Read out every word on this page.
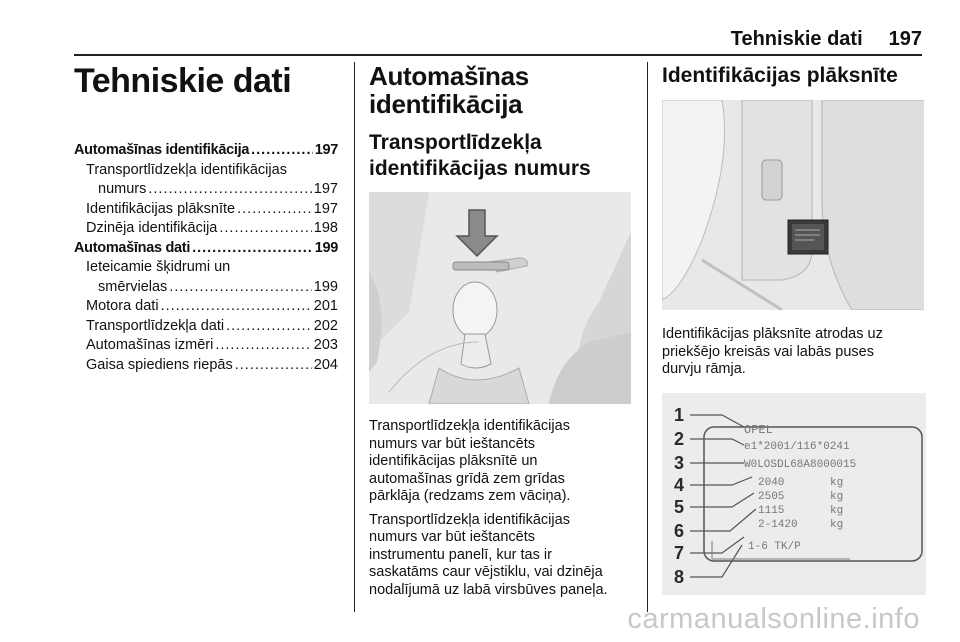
Tehniskie dati 197
Tehniskie dati
Automašīnas identifikācija .....	197
Transportlīdzekļa identifikācijas
numurs .....	197
Identifikācijas plāksnīte .....	197
Dzinēja identifikācija .....	198
Automašīnas dati .....	199
Ieteicamie šķidrumi un
smērvielas .....	199
Motora dati .....	201
Transportlīdzekļa dati .....	202
Automašīnas izmēri .....	203
Gaisa spiediens riepās .....	204
Automašīnas
identifikācija
Transportlīdzekļa
identifikācijas numurs
Transportlīdzekļa identifikācijas
numurs var būt ieštancēts
identifikācijas plāksnītē un
automašīnas grīdā zem grīdas
pārklāja (redzams zem vāciņa).
Transportlīdzekļa identifikācijas
numurs var būt ieštancēts
instrumentu panelī, kur tas ir
saskatāms caur vējstiklu, vai dzinēja
nodalījumā uz labā virsbūves paneļa.
Identifikācijas plāksnīte
Identifikācijas plāksnīte atrodas uz
priekšējo kreisās vai labās puses
durvju rāmja.
1
2
3
4
5
6
7
8
OPEL
e1*2001/116*0241
W0LOSDL68A8000015
2040
2505
1115
2-1420
kg
kg
kg
kg
1-6 TK/P
carmanualsonline.info
